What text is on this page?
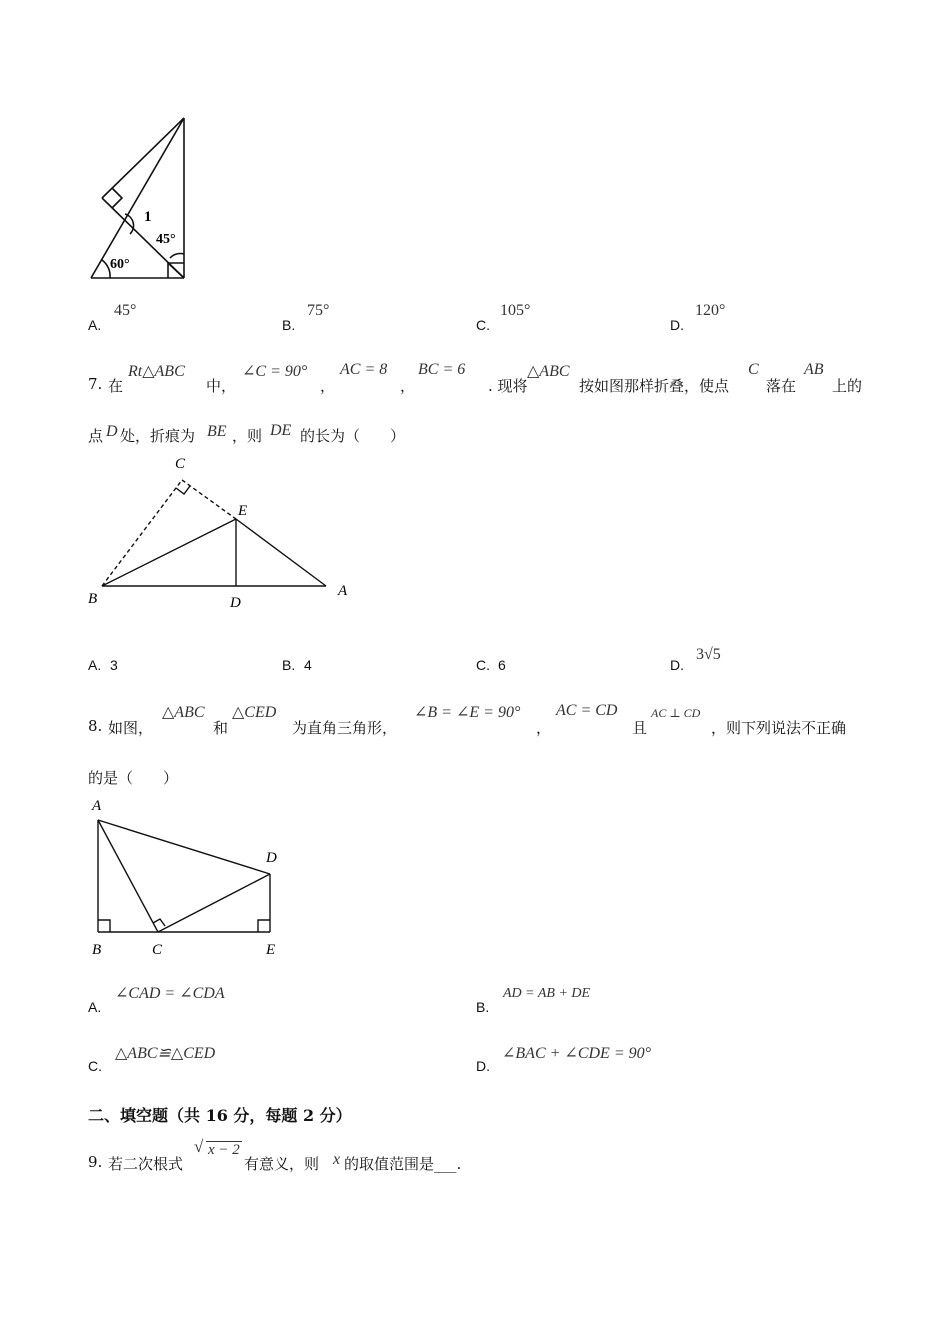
1
45°
60°
A.
45°
B.
75°
C.
105°
D.
120°
7. 在
Rt△ABC
中，
∠C = 90°
，
AC = 8
，
BC = 6
. 现将
△ABC
按如图那样折叠，使点
C
落在
AB
上的
点 D 处，折痕为 BE ，则 DE 的长为（　　）
C
E
B	D
A
A. 3	B. 4	C. 6	D.
3√5
8. 如图，
△ABC
和
△CED
为直角三角形，
∠B = ∠E = 90°
，
AC = CD
且
AC ⊥ CD
，则下列说法不正确
的是（　　）
A
D
B	C	E
A.
∠CAD = ∠CDA
B.
AD = AB + DE
C.
△ABC≌△CED
D.
∠BAC + ∠CDE = 90°
二、填空题（共 16 分，每题 2 分）
9. 若二次根式
√ x − 2
有意义，则 x 的取值范围是___.
